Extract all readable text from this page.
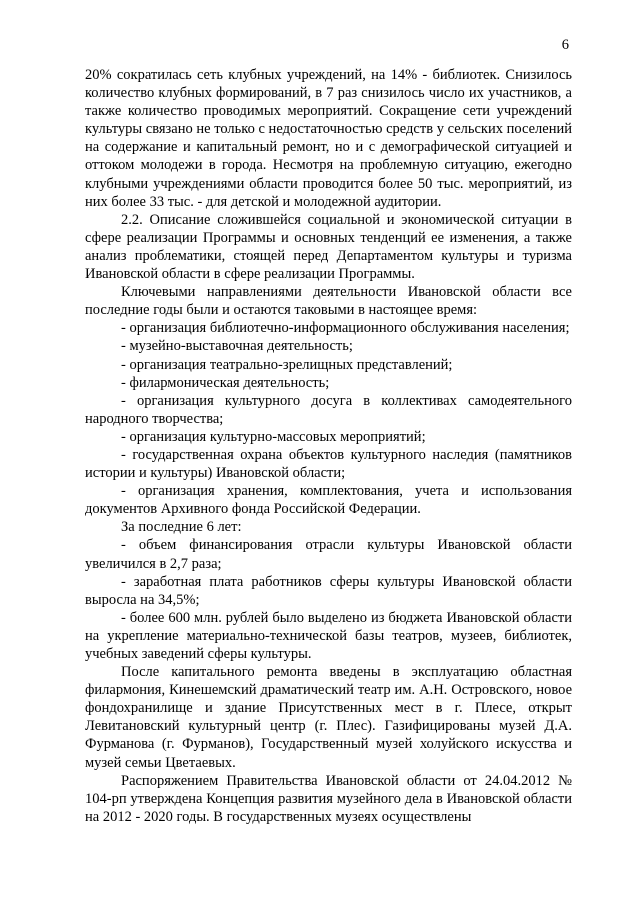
6

20% сократилась сеть клубных учреждений, на 14% - библиотек. Снизилось количество клубных формирований, в 7 раз снизилось число их участников, а также количество проводимых мероприятий. Сокращение сети учреждений культуры связано не только с недостаточностью средств у сельских поселений на содержание и капитальный ремонт, но и с демографической ситуацией и оттоком молодежи в города. Несмотря на проблемную ситуацию, ежегодно клубными учреждениями области проводится более 50 тыс. мероприятий, из них более 33 тыс. - для детской и молодежной аудитории.

2.2. Описание сложившейся социальной и экономической ситуации в сфере реализации Программы и основных тенденций ее изменения, а также анализ проблематики, стоящей перед Департаментом культуры и туризма Ивановской области в сфере реализации Программы.

Ключевыми направлениями деятельности Ивановской области все последние годы были и остаются таковыми в настоящее время:

- организация библиотечно-информационного обслуживания населения;

- музейно-выставочная деятельность;

- организация театрально-зрелищных представлений;

- филармоническая деятельность;

- организация культурного досуга в коллективах самодеятельного народного творчества;

- организация культурно-массовых мероприятий;

- государственная охрана объектов культурного наследия (памятников истории и культуры) Ивановской области;

- организация хранения, комплектования, учета и использования документов Архивного фонда Российской Федерации.

За последние 6 лет:

- объем финансирования отрасли культуры Ивановской области увеличился в 2,7 раза;

- заработная плата работников сферы культуры Ивановской области выросла на 34,5%;

- более 600 млн. рублей было выделено из бюджета Ивановской области на укрепление материально-технической базы театров, музеев, библиотек, учебных заведений сферы культуры.

После капитального ремонта введены в эксплуатацию областная филармония, Кинешемский драматический театр им. А.Н. Островского, новое фондохранилище и здание Присутственных мест в г. Плесе, открыт Левитановский культурный центр (г. Плес). Газифицированы музей Д.А. Фурманова (г. Фурманов), Государственный музей холуйского искусства и музей семьи Цветаевых.

Распоряжением Правительства Ивановской области от 24.04.2012 № 104-рп утверждена Концепция развития музейного дела в Ивановской области на 2012 - 2020 годы. В государственных музеях осуществлены
